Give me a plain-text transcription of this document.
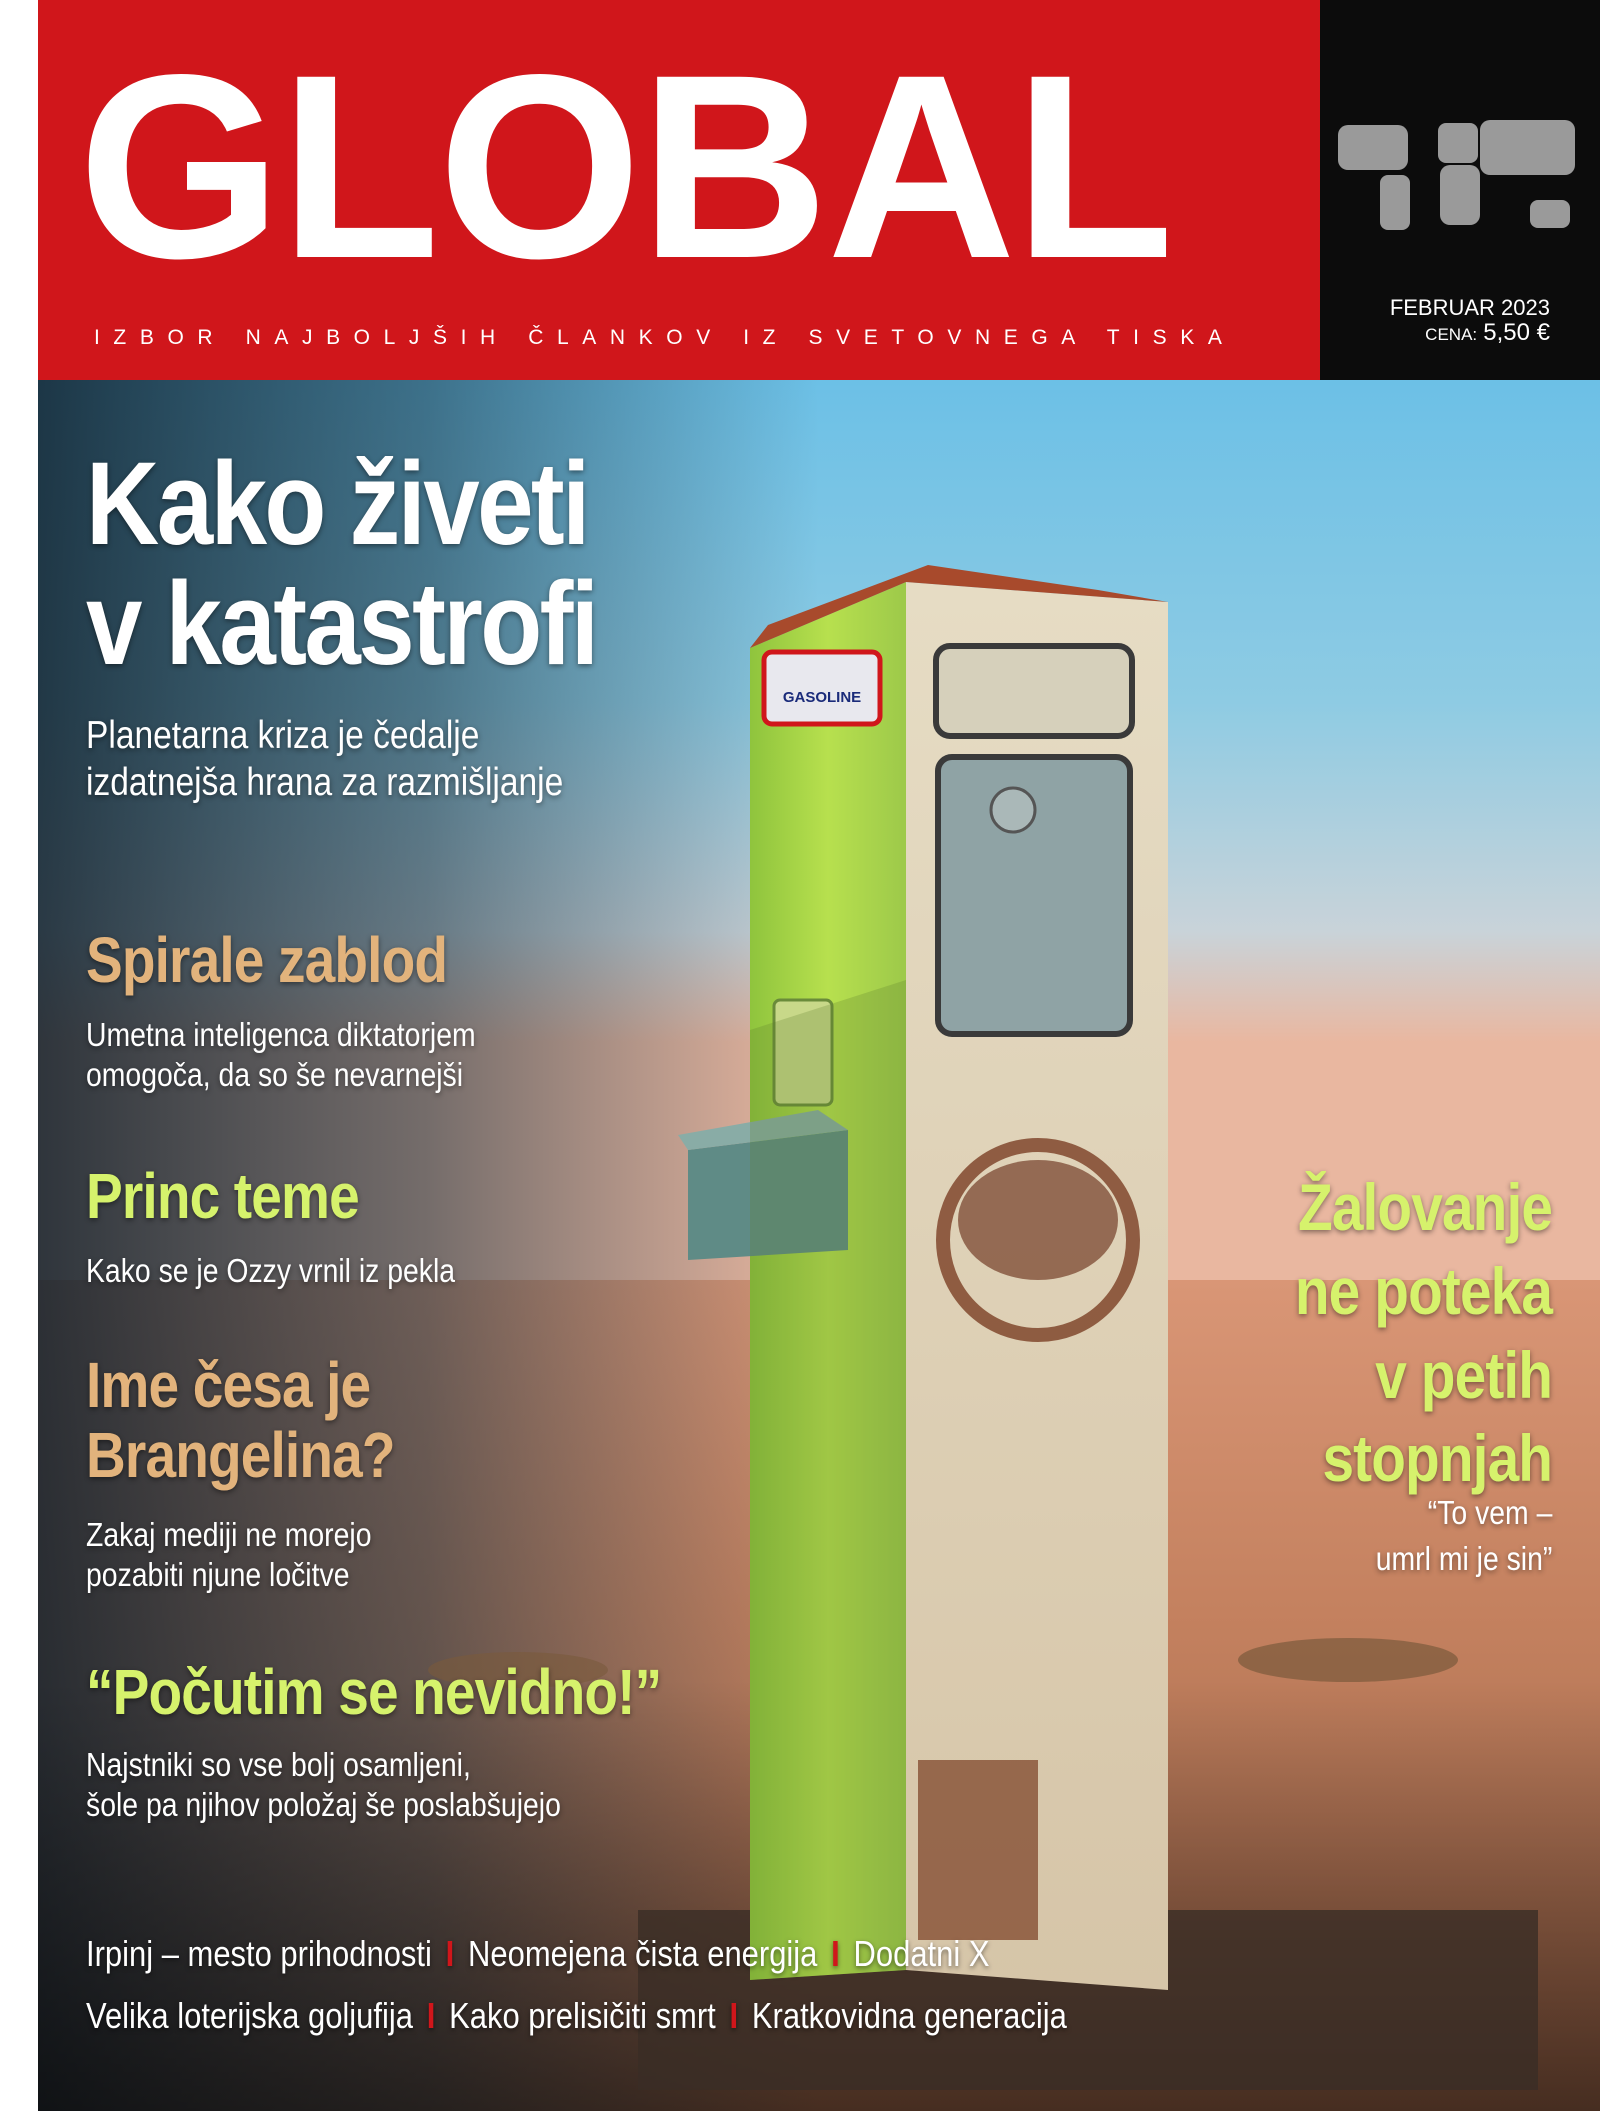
GASOLINE
GLOBAL
IZBOR NAJBOLJŠIH ČLANKOV IZ SVETOVNEGA TISKA
FEBRUAR 2023
CENA: 5,50 €
Kako živeti
v katastrofi
Planetarna kriza je čedalje
izdatnejša hrana za razmišljanje
Spirale zablod
Umetna inteligenca diktatorjem
omogoča, da so še nevarnejši
Princ teme
Kako se je Ozzy vrnil iz pekla
Ime česa je
Brangelina?
Zakaj mediji ne morejo
pozabiti njune ločitve
“Počutim se nevidno!”
Najstniki so vse bolj osamljeni,
šole pa njihov položaj še poslabšujejo
Žalovanje
ne poteka
v petih
stopnjah
“To vem –
umrl mi je sin”
Irpinj – mesto prihodnosti I Neomejena čista energija I Dodatni X
Velika loterijska goljufija I Kako prelisičiti smrt I Kratkovidna generacija
